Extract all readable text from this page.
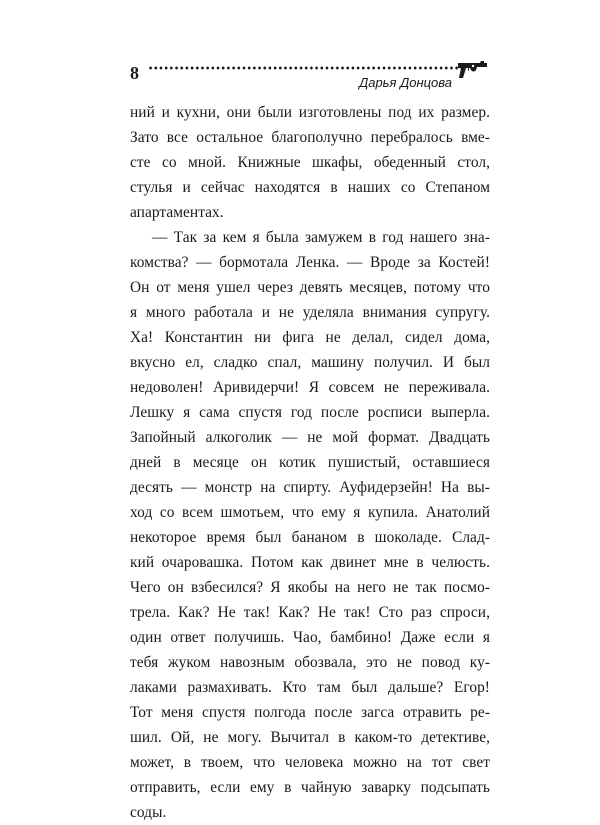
8	Дарья Донцова
ний и кухни, они были изготовлены под их размер.
Зато все остальное благополучно перебралось вме-
сте со мной. Книжные шкафы, обеденный стол,
стулья и сейчас находятся в наших со Степаном
апартаментах.
— Так за кем я была замужем в год нашего зна-
комства? — бормотала Ленка. — Вроде за Костей!
Он от меня ушел через девять месяцев, потому что
я много работала и не уделяла внимания супругу.
Ха! Константин ни фига не делал, сидел дома,
вкусно ел, сладко спал, машину получил. И был
недоволен! Аривидерчи! Я совсем не переживала.
Лешку я сама спустя год после росписи выперла.
Запойный алкоголик — не мой формат. Двадцать
дней в месяце он котик пушистый, оставшиеся
десять — монстр на спирту. Ауфидерзейн! На вы-
ход со всем шмотьем, что ему я купила. Анатолий
некоторое время был бананом в шоколаде. Слад-
кий очаровашка. Потом как двинет мне в челюсть.
Чего он взбесился? Я якобы на него не так посмо-
трела. Как? Не так! Как? Не так! Сто раз спроси,
один ответ получишь. Чао, бамбино! Даже если я
тебя жуком навозным обозвала, это не повод ку-
лаками размахивать. Кто там был дальше? Егор!
Тот меня спустя полгода после загса отравить ре-
шил. Ой, не могу. Вычитал в каком-то детективе,
может, в твоем, что человека можно на тот свет
отправить, если ему в чайную заварку подсыпать
соды.
